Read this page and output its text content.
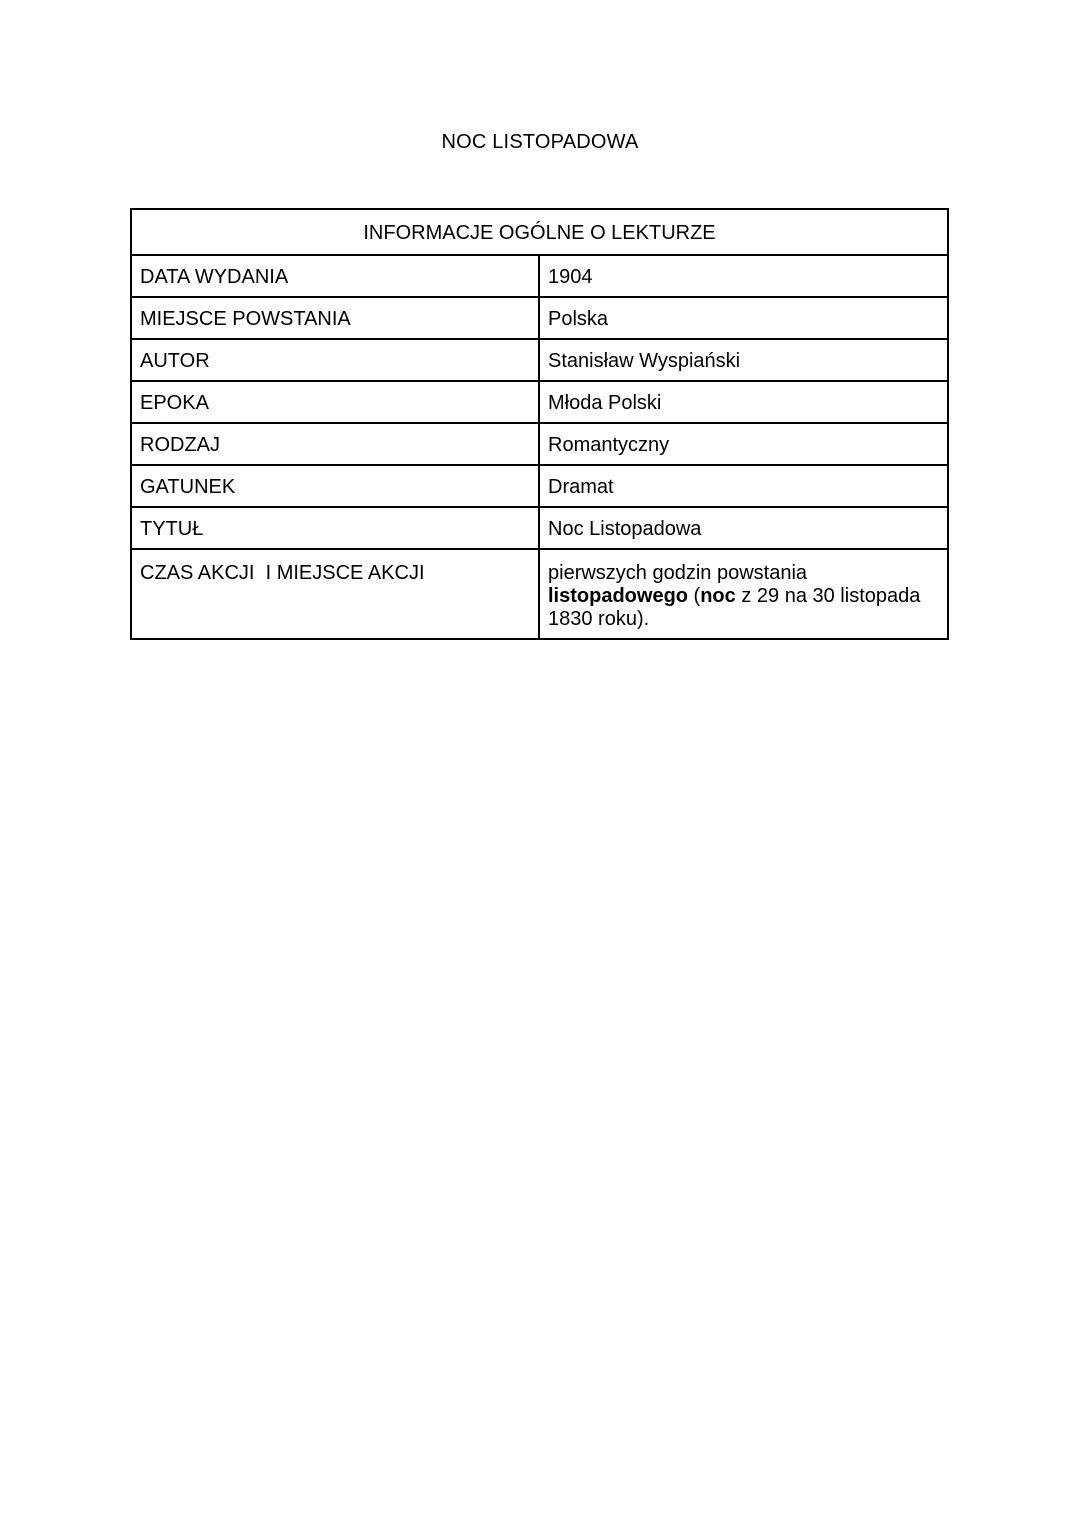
NOC LISTOPADOWA
INFORMACJE OGÓLNE O LEKTURZE	
DATA WYDANIA	1904
MIEJSCE POWSTANIA	Polska
AUTOR	Stanisław Wyspiański
EPOKA	Młoda Polski
RODZAJ	Romantyczny
GATUNEK	Dramat
TYTUŁ	Noc Listopadowa
CZAS AKCJI  I MIEJSCE AKCJI	pierwszych godzin powstania listopadowego (noc z 29 na 30 listopada 1830 roku).
